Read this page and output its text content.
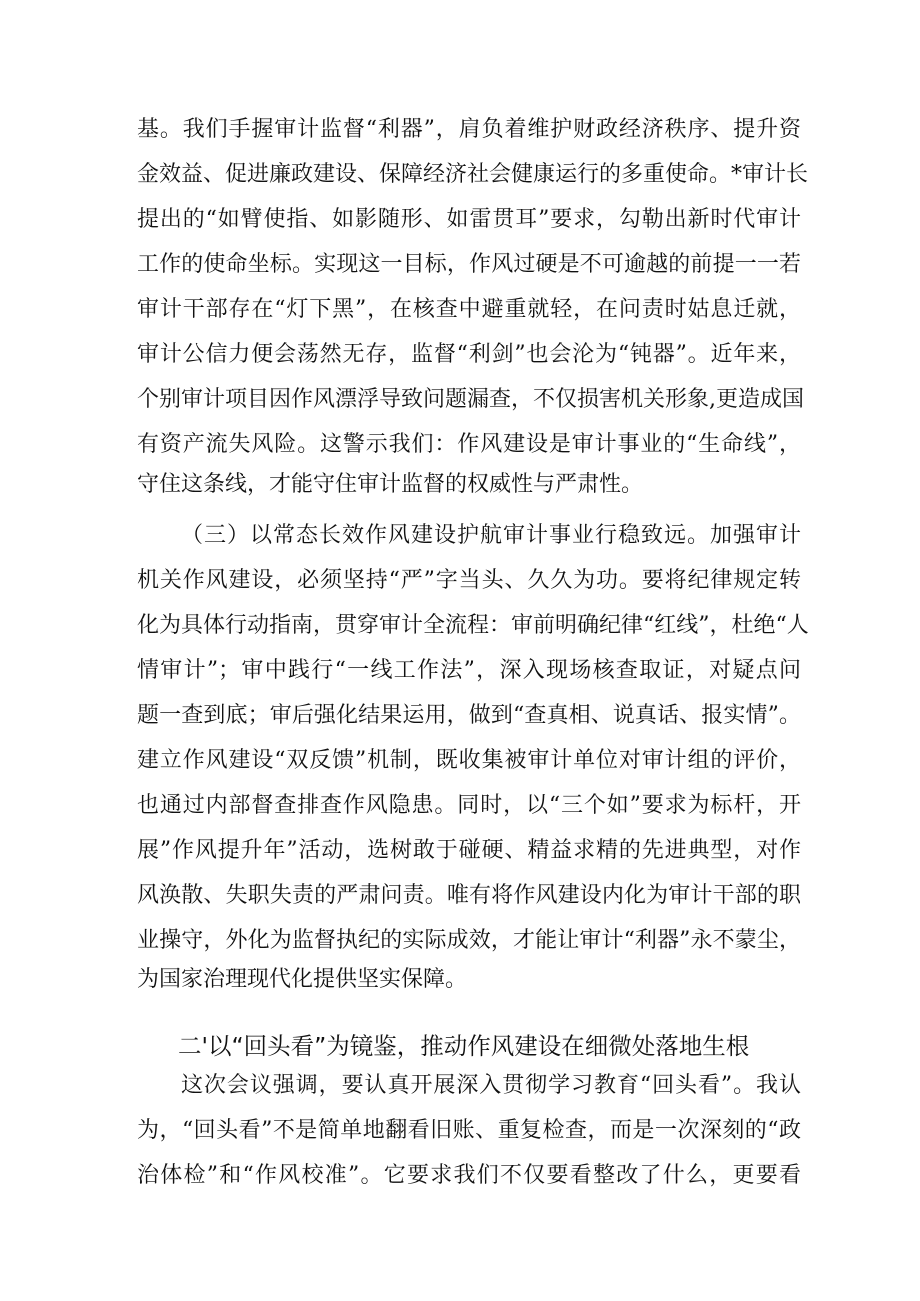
基。我们手握审计监督“利器”，肩负着维护财政经济秩序、提升资

金效益、促进廉政建设、保障经济社会健康运行的多重使命。*审计长

提出的“如臂使指、如影随形、如雷贯耳”要求，勾勒出新时代审计

工作的使命坐标。实现这一目标，作风过硬是不可逾越的前提一一若

审计干部存在“灯下黑”，在核查中避重就轻，在问责时姑息迁就，

审计公信力便会荡然无存，监督“利剑”也会沦为“钝器”。近年来，

个别审计项目因作风漂浮导致问题漏查，不仅损害机关形象,更造成国

有资产流失风险。这警示我们：作风建设是审计事业的“生命线”，

守住这条线，才能守住审计监督的权威性与严肃性。

（三）以常态长效作风建设护航审计事业行稳致远。加强审计

机关作风建设，必须坚持“严”字当头、久久为功。要将纪律规定转

化为具体行动指南，贯穿审计全流程：审前明确纪律“红线”，杜绝“人

情审计”；审中践行“一线工作法”，深入现场核查取证，对疑点问

题一查到底；审后强化结果运用，做到“查真相、说真话、报实情”。

建立作风建设“双反馈”机制，既收集被审计单位对审计组的评价，

也通过内部督查排查作风隐患。同时，以“三个如”要求为标杆，开

展”作风提升年”活动，选树敢于碰硬、精益求精的先进典型，对作

风涣散、失职失责的严肃问责。唯有将作风建设内化为审计干部的职

业操守，外化为监督执纪的实际成效，才能让审计“利器”永不蒙尘，

为国家治理现代化提供坚实保障。

二'以“回头看”为镜鉴，推动作风建设在细微处落地生根

这次会议强调，要认真开展深入贯彻学习教育“回头看”。我认

为，“回头看”不是简单地翻看旧账、重复检查，而是一次深刻的“政

治体检”和“作风校准”。它要求我们不仅要看整改了什么，更要看
